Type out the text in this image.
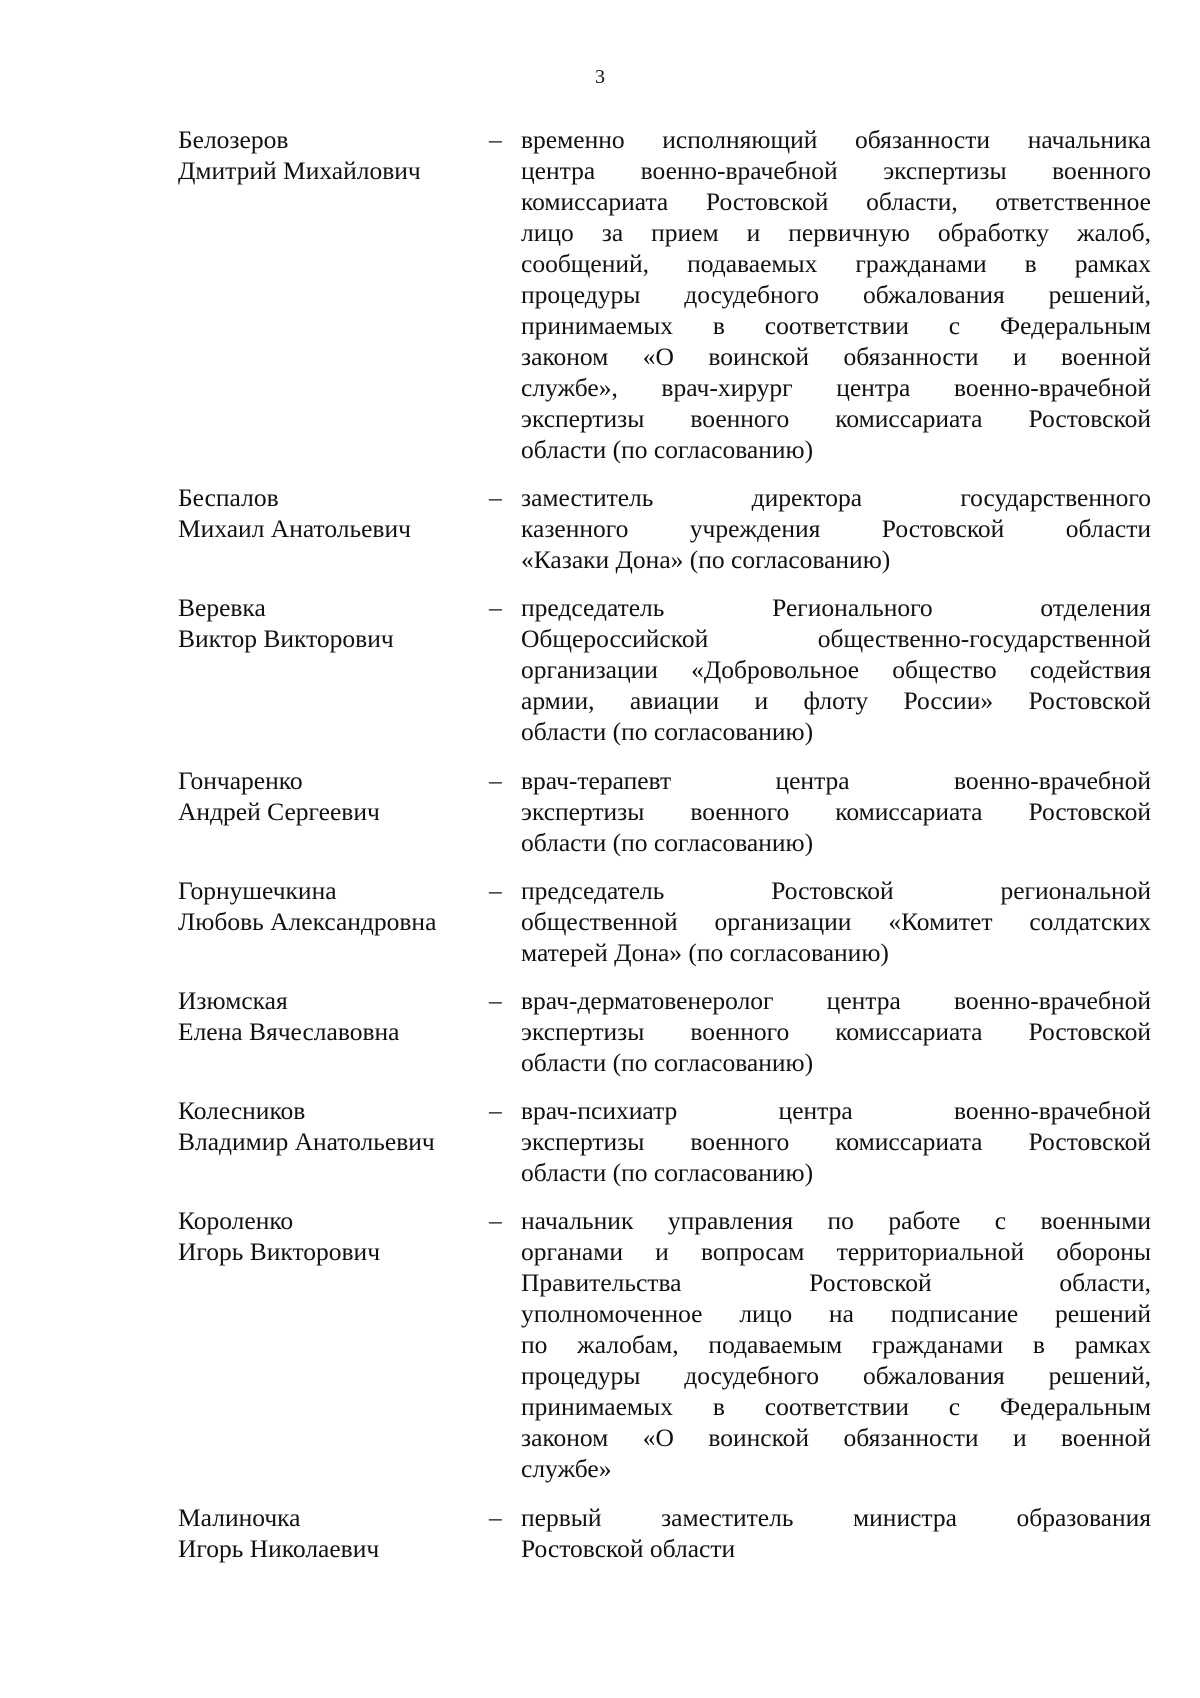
3
Белозеров
Дмитрий Михайлович
– временно исполняющий обязанности начальника
центра военно-врачебной экспертизы военного
комиссариата Ростовской области, ответственное
лицо за прием и первичную обработку жалоб,
сообщений, подаваемых гражданами в рамках
процедуры досудебного обжалования решений,
принимаемых в соответствии с Федеральным
законом «О воинской обязанности и военной
службе», врач-хирург центра военно-врачебной
экспертизы военного комиссариата Ростовской
области (по согласованию)
Беспалов
Михаил Анатольевич
– заместитель директора государственного
казенного учреждения Ростовской области
«Казаки Дона» (по согласованию)
Веревка
Виктор Викторович
– председатель Регионального отделения
Общероссийской общественно-государственной
организации «Добровольное общество содействия
армии, авиации и флоту России» Ростовской
области (по согласованию)
Гончаренко
Андрей Сергеевич
– врач-терапевт центра военно-врачебной
экспертизы военного комиссариата Ростовской
области (по согласованию)
Горнушечкина
Любовь Александровна
– председатель Ростовской региональной
общественной организации «Комитет солдатских
матерей Дона» (по согласованию)
Изюмская
Елена Вячеславовна
– врач-дерматовенеролог центра военно-врачебной
экспертизы военного комиссариата Ростовской
области (по согласованию)
Колесников
Владимир Анатольевич
– врач-психиатр центра военно-врачебной
экспертизы военного комиссариата Ростовской
области (по согласованию)
Короленко
Игорь Викторович
– начальник управления по работе с военными
органами и вопросам территориальной обороны
Правительства Ростовской области,
уполномоченное лицо на подписание решений
по жалобам, подаваемым гражданами в рамках
процедуры досудебного обжалования решений,
принимаемых в соответствии с Федеральным
законом «О воинской обязанности и военной
службе»
Малиночка
Игорь Николаевич
– первый заместитель министра образования
Ростовской области
